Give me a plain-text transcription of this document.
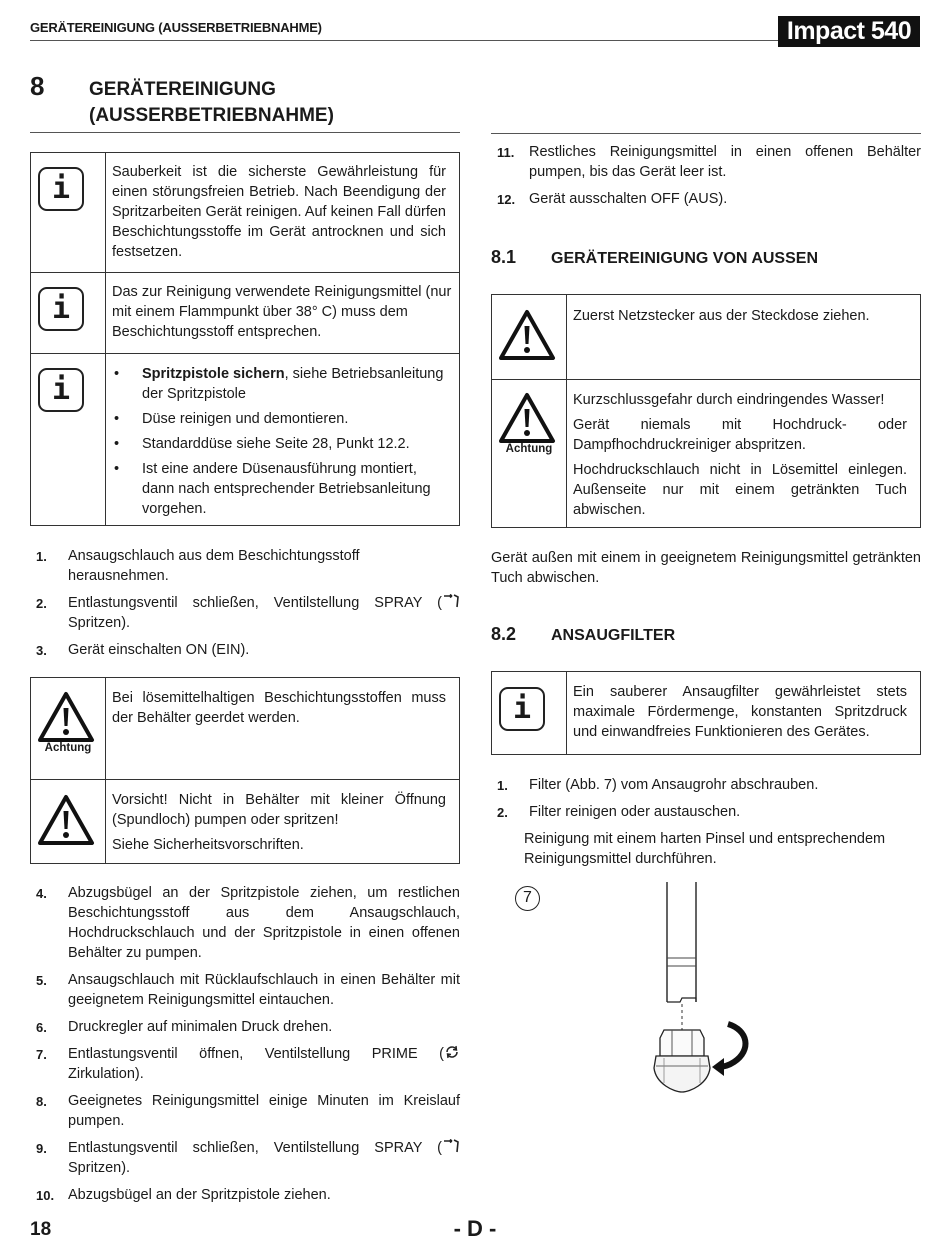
GERÄTEREINIGUNG (AUSSERBETRIEBNAHME)	Impact 540
8 GERÄTEREINIGUNG
(AUSSERBETRIEBNAHME)
i	Sauberkeit ist die sicherste Gewährleistung für einen störungsfreien Betrieb. Nach Beendigung der Spritzarbeiten Gerät reinigen. Auf keinen Fall dürfen Beschichtungsstoffe im Gerät antrocknen und sich festsetzen.
i	Das zur Reinigung verwendete Reinigungsmittel (nur mit einem Flammpunkt über 38° C) muss dem Beschichtungsstoff entsprechen.
i	• Spritzpistole sichern, siehe Betriebsanleitung der Spritzpistole
• Düse reinigen und demontieren.
• Standarddüse siehe Seite 28, Punkt 12.2.
• Ist eine andere Düsenausführung montiert, dann nach entsprechender Betriebsanleitung vorgehen.
1. Ansaugschlauch aus dem Beschichtungsstoff herausnehmen.
2. Entlastungsventil schließen, Ventilstellung SPRAY ( Spritzen).
3. Gerät einschalten ON (EIN).
Achtung
Bei lösemittelhaltigen Beschichtungsstoffen muss der Behälter geerdet werden.

Vorsicht! Nicht in Behälter mit kleiner Öffnung (Spundloch) pumpen oder spritzen!

Siehe Sicherheitsvorschriften.

4. Abzugsbügel an der Spritzpistole ziehen, um restlichen Beschichtungsstoff aus dem Ansaugschlauch, Hochdruckschlauch und der Spritzpistole in einen offenen Behälter zu pumpen.
5. Ansaugschlauch mit Rücklaufschlauch in einen Behälter mit geeignetem Reinigungsmittel eintauchen.
6. Druckregler auf minimalen Druck drehen.
7. Entlastungsventil öffnen, Ventilstellung PRIME ( Zirkulation).
8. Geeignetes Reinigungsmittel einige Minuten im Kreislauf pumpen.
9. Entlastungsventil schließen, Ventilstellung SPRAY ( Spritzen).
10. Abzugsbügel an der Spritzpistole ziehen.
11. Restliches Reinigungsmittel in einen offenen Behälter pumpen, bis das Gerät leer ist.
12. Gerät ausschalten OFF (AUS).
8.1 GERÄTEREINIGUNG VON AUSSEN
Zuerst Netzstecker aus der Steckdose ziehen.
Achtung

Kurzschlussgefahr durch eindringendes Wasser!

Gerät niemals mit Hochdruck- oder Dampfhochdruckreiniger abspritzen.

Hochdruckschlauch nicht in Lösemittel einlegen. Außenseite nur mit einem getränkten Tuch abwischen.

Gerät außen mit einem in geeignetem Reinigungsmittel getränkten Tuch abwischen.
8.2 ANSAUGFILTER
i	Ein sauberer Ansaugfilter gewährleistet stets maximale Fördermenge, konstanten Spritzdruck und einwandfreies Funktionieren des Gerätes.
1. Filter (Abb. 7) vom Ansaugrohr abschrauben.
2. Filter reinigen oder austauschen.
Reinigung mit einem harten Pinsel und entsprechendem Reinigungsmittel durchführen.
7
18	- D -
